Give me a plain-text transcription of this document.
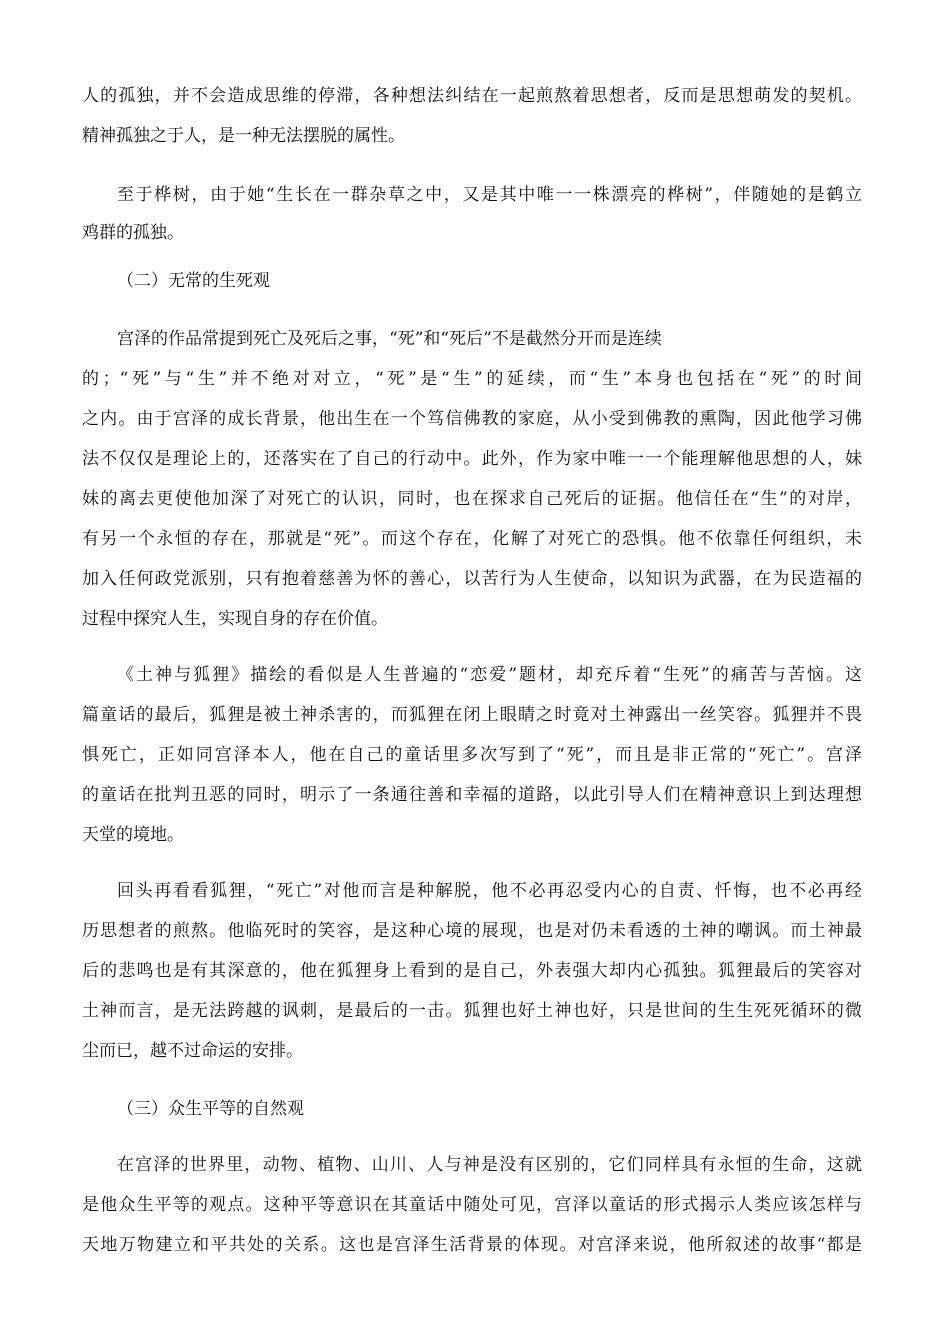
人的孤独，并不会造成思维的停滞，各种想法纠结在一起煎熬着思想者，反而是思想萌发的契机。
精神孤独之于人，是一种无法摆脱的属性。
至于桦树，由于她“生长在一群杂草之中，又是其中唯一一株漂亮的桦树”，伴随她的是鹤立
鸡群的孤独。
（二）无常的生死观
宫泽的作品常提到死亡及死后之事，“死”和“死后”不是截然分开而是连续
的；“死”与“生”并不绝对对立，“死”是“生”的延续，而“生”本身也包括在“死”的时间
之内。由于宫泽的成长背景，他出生在一个笃信佛教的家庭，从小受到佛教的熏陶，因此他学习佛
法不仅仅是理论上的，还落实在了自己的行动中。此外，作为家中唯一一个能理解他思想的人，妹
妹的离去更使他加深了对死亡的认识，同时，也在探求自己死后的证据。他信任在“生”的对岸，
有另一个永恒的存在，那就是“死”。而这个存在，化解了对死亡的恐惧。他不依靠任何组织，未
加入任何政党派别，只有抱着慈善为怀的善心，以苦行为人生使命，以知识为武器，在为民造福的
过程中探究人生，实现自身的存在价值。
《土神与狐狸》描绘的看似是人生普遍的“恋爱”题材，却充斥着“生死”的痛苦与苦恼。这
篇童话的最后，狐狸是被土神杀害的，而狐狸在闭上眼睛之时竟对土神露出一丝笑容。狐狸并不畏
惧死亡，正如同宫泽本人，他在自己的童话里多次写到了“死”，而且是非正常的“死亡”。宫泽
的童话在批判丑恶的同时，明示了一条通往善和幸福的道路，以此引导人们在精神意识上到达理想
天堂的境地。
回头再看看狐狸，“死亡”对他而言是种解脱，他不必再忍受内心的自责、忏悔，也不必再经
历思想者的煎熬。他临死时的笑容，是这种心境的展现，也是对仍未看透的土神的嘲讽。而土神最
后的悲鸣也是有其深意的，他在狐狸身上看到的是自己，外表强大却内心孤独。狐狸最后的笑容对
土神而言，是无法跨越的讽刺，是最后的一击。狐狸也好土神也好，只是世间的生生死死循环的微
尘而已，越不过命运的安排。
（三）众生平等的自然观
在宫泽的世界里，动物、植物、山川、人与神是没有区别的，它们同样具有永恒的生命，这就
是他众生平等的观点。这种平等意识在其童话中随处可见，宫泽以童话的形式揭示人类应该怎样与
天地万物建立和平共处的关系。这也是宫泽生活背景的体现。对宫泽来说，他所叙述的故事“都是
